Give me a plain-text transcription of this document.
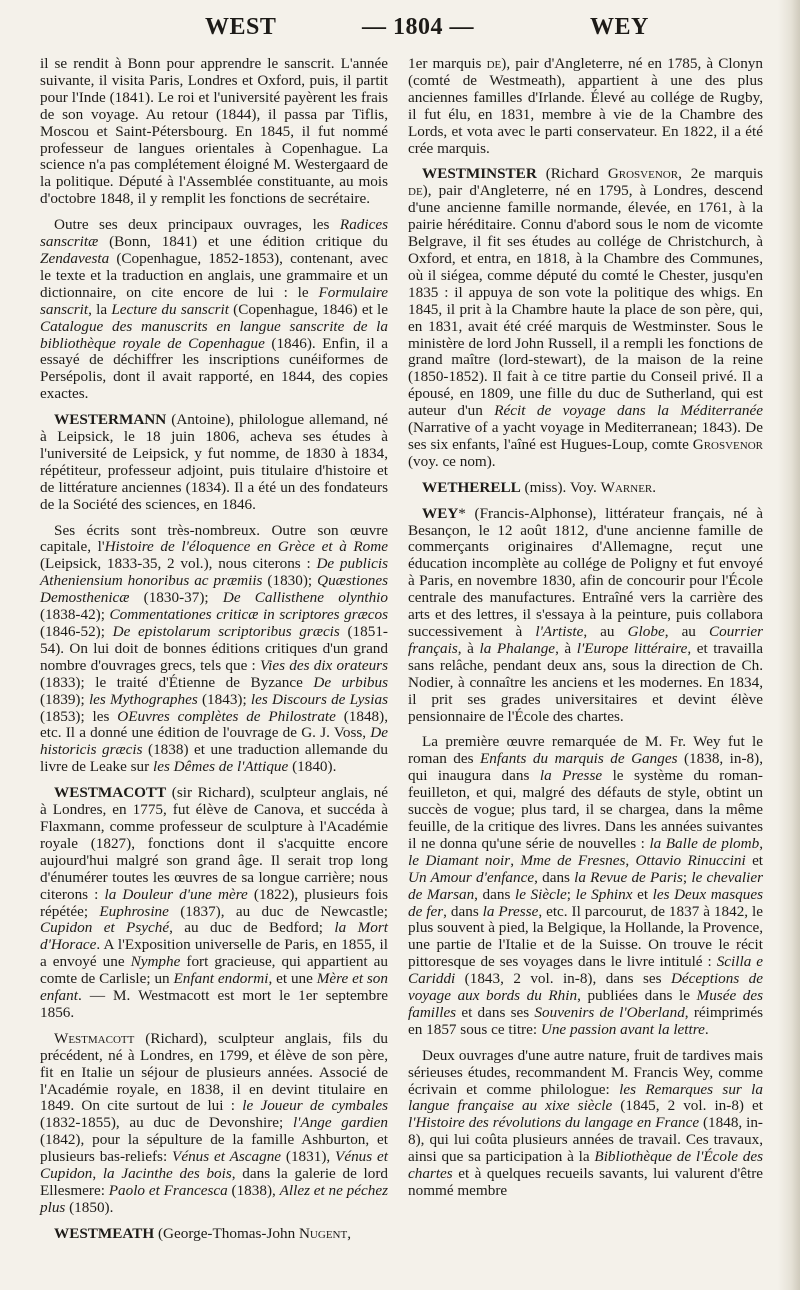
WEST	— 1804 —	WEY

il se rendit à Bonn pour apprendre le sanscrit. L'année suivante, il visita Paris, Londres et Oxford, puis, il partit pour l'Inde (1841). Le roi et l'université payèrent les frais de son voyage. Au retour (1844), il passa par Tiflis, Moscou et Saint-Pétersbourg. En 1845, il fut nommé professeur de langues orientales à Copenhague. La science n'a pas complétement éloigné M. Westergaard de la politique. Député à l'Assemblée constituante, au mois d'octobre 1848, il y remplit les fonctions de secrétaire.

Outre ses deux principaux ouvrages, les Radices sanscritæ (Bonn, 1841) et une édition critique du Zendavesta (Copenhague, 1852-1853), contenant, avec le texte et la traduction en anglais, une grammaire et un dictionnaire, on cite encore de lui : le Formulaire sanscrit, la Lecture du sanscrit (Copenhague, 1846) et le Catalogue des manuscrits en langue sanscrite de la bibliothèque royale de Copenhague (1846). Enfin, il a essayé de déchiffrer les inscriptions cunéiformes de Persépolis, dont il avait rapporté, en 1844, des copies exactes.

WESTERMANN (Antoine), philologue allemand, né à Leipsick, le 18 juin 1806, acheva ses études à l'université de Leipsick, y fut nomme, de 1830 à 1834, répétiteur, professeur adjoint, puis titulaire d'histoire et de littérature anciennes (1834). Il a été un des fondateurs de la Société des sciences, en 1846.

Ses écrits sont très-nombreux. Outre son œuvre capitale, l'Histoire de l'éloquence en Grèce et à Rome (Leipsick, 1833-35, 2 vol.), nous citerons : De publicis Atheniensium honoribus ac præmiis (1830); Quæstiones Demosthenicæ (1830-37); De Callisthene olynthio (1838-42); Commentationes criticæ in scriptores græcos (1846-52); De epistolarum scriptoribus græcis (1851-54). On lui doit de bonnes éditions critiques d'un grand nombre d'ouvrages grecs, tels que : Vies des dix orateurs (1833); le traité d'Étienne de Byzance De urbibus (1839); les Mythographes (1843); les Discours de Lysias (1853); les OEuvres complètes de Philostrate (1848), etc. Il a donné une édition de l'ouvrage de G. J. Voss, De historicis græcis (1838) et une traduction allemande du livre de Leake sur les Dêmes de l'Attique (1840).

WESTMACOTT (sir Richard), sculpteur anglais, né à Londres, en 1775, fut élève de Canova, et succéda à Flaxmann, comme professeur de sculpture à l'Académie royale (1827), fonctions dont il s'acquitte encore aujourd'hui malgré son grand âge. Il serait trop long d'énumérer toutes les œuvres de sa longue carrière; nous citerons : la Douleur d'une mère (1822), plusieurs fois répétée; Euphrosine (1837), au duc de Newcastle; Cupidon et Psyché, au duc de Bedford; la Mort d'Horace. A l'Exposition universelle de Paris, en 1855, il a envoyé une Nymphe fort gracieuse, qui appartient au comte de Carlisle; un Enfant endormi, et une Mère et son enfant. — M. Westmacott est mort le 1er septembre 1856.

Westmacott (Richard), sculpteur anglais, fils du précédent, né à Londres, en 1799, et élève de son père, fit en Italie un séjour de plusieurs années. Associé de l'Académie royale, en 1838, il en devint titulaire en 1849. On cite surtout de lui : le Joueur de cymbales (1832-1855), au duc de Devonshire; l'Ange gardien (1842), pour la sépulture de la famille Ashburton, et plusieurs bas-reliefs: Vénus et Ascagne (1831), Vénus et Cupidon, la Jacinthe des bois, dans la galerie de lord Ellesmere: Paolo et Francesca (1838), Allez et ne péchez plus (1850).

WESTMEATH (George-Thomas-John Nugent,

1er marquis de), pair d'Angleterre, né en 1785, à Clonyn (comté de Westmeath), appartient à une des plus anciennes familles d'Irlande. Élevé au collége de Rugby, il fut élu, en 1831, membre à vie de la Chambre des Lords, et vota avec le parti conservateur. En 1822, il a été crée marquis.

WESTMINSTER (Richard Grosvenor, 2e marquis de), pair d'Angleterre, né en 1795, à Londres, descend d'une ancienne famille normande, élevée, en 1761, à la pairie héréditaire. Connu d'abord sous le nom de vicomte Belgrave, il fit ses études au collége de Christchurch, à Oxford, et entra, en 1818, à la Chambre des Communes, où il siégea, comme député du comté le Chester, jusqu'en 1835 : il appuya de son vote la politique des whigs. En 1845, il prit à la Chambre haute la place de son père, qui, en 1831, avait été créé marquis de Westminster. Sous le ministère de lord John Russell, il a rempli les fonctions de grand maître (lord-stewart), de la maison de la reine (1850-1852). Il fait à ce titre partie du Conseil privé. Il a épousé, en 1809, une fille du duc de Sutherland, qui est auteur d'un Récit de voyage dans la Méditerranée (Narrative of a yacht voyage in Mediterranean; 1843). De ses six enfants, l'aîné est Hugues-Loup, comte Grosvenor (voy. ce nom).

WETHERELL (miss). Voy. Warner.

WEY* (Francis-Alphonse), littérateur français, né à Besançon, le 12 août 1812, d'une ancienne famille de commerçants originaires d'Allemagne, reçut une éducation incomplète au collége de Poligny et fut envoyé à Paris, en novembre 1830, afin de concourir pour l'École centrale des manufactures. Entraîné vers la carrière des arts et des lettres, il s'essaya à la peinture, puis collabora successivement à l'Artiste, au Globe, au Courrier français, à la Phalange, à l'Europe littéraire, et travailla sans relâche, pendant deux ans, sous la direction de Ch. Nodier, à connaître les anciens et les modernes. En 1834, il prit ses grades universitaires et devint élève pensionnaire de l'École des chartes.

La première œuvre remarquée de M. Fr. Wey fut le roman des Enfants du marquis de Ganges (1838, in-8), qui inaugura dans la Presse le système du roman-feuilleton, et qui, malgré des défauts de style, obtint un succès de vogue; plus tard, il se chargea, dans la même feuille, de la critique des livres. Dans les années suivantes il ne donna qu'une série de nouvelles : la Balle de plomb, le Diamant noir, Mme de Fresnes, Ottavio Rinuccini et Un Amour d'enfance, dans la Revue de Paris; le chevalier de Marsan, dans le Siècle; le Sphinx et les Deux masques de fer, dans la Presse, etc. Il parcourut, de 1837 à 1842, le plus souvent à pied, la Belgique, la Hollande, la Provence, une partie de l'Italie et de la Suisse. On trouve le récit pittoresque de ses voyages dans le livre intitulé : Scilla e Cariddi (1843, 2 vol. in-8), dans ses Déceptions de voyage aux bords du Rhin, publiées dans le Musée des familles et dans ses Souvenirs de l'Oberland, réimprimés en 1857 sous ce titre: Une passion avant la lettre.

Deux ouvrages d'une autre nature, fruit de tardives mais sérieuses études, recommandent M. Francis Wey, comme écrivain et comme philologue: les Remarques sur la langue française au xixe siècle (1845, 2 vol. in-8) et l'Histoire des révolutions du langage en France (1848, in-8), qui lui coûta plusieurs années de travail. Ces travaux, ainsi que sa participation à la Bibliothèque de l'École des chartes et à quelques recueils savants, lui valurent d'être nommé membre
